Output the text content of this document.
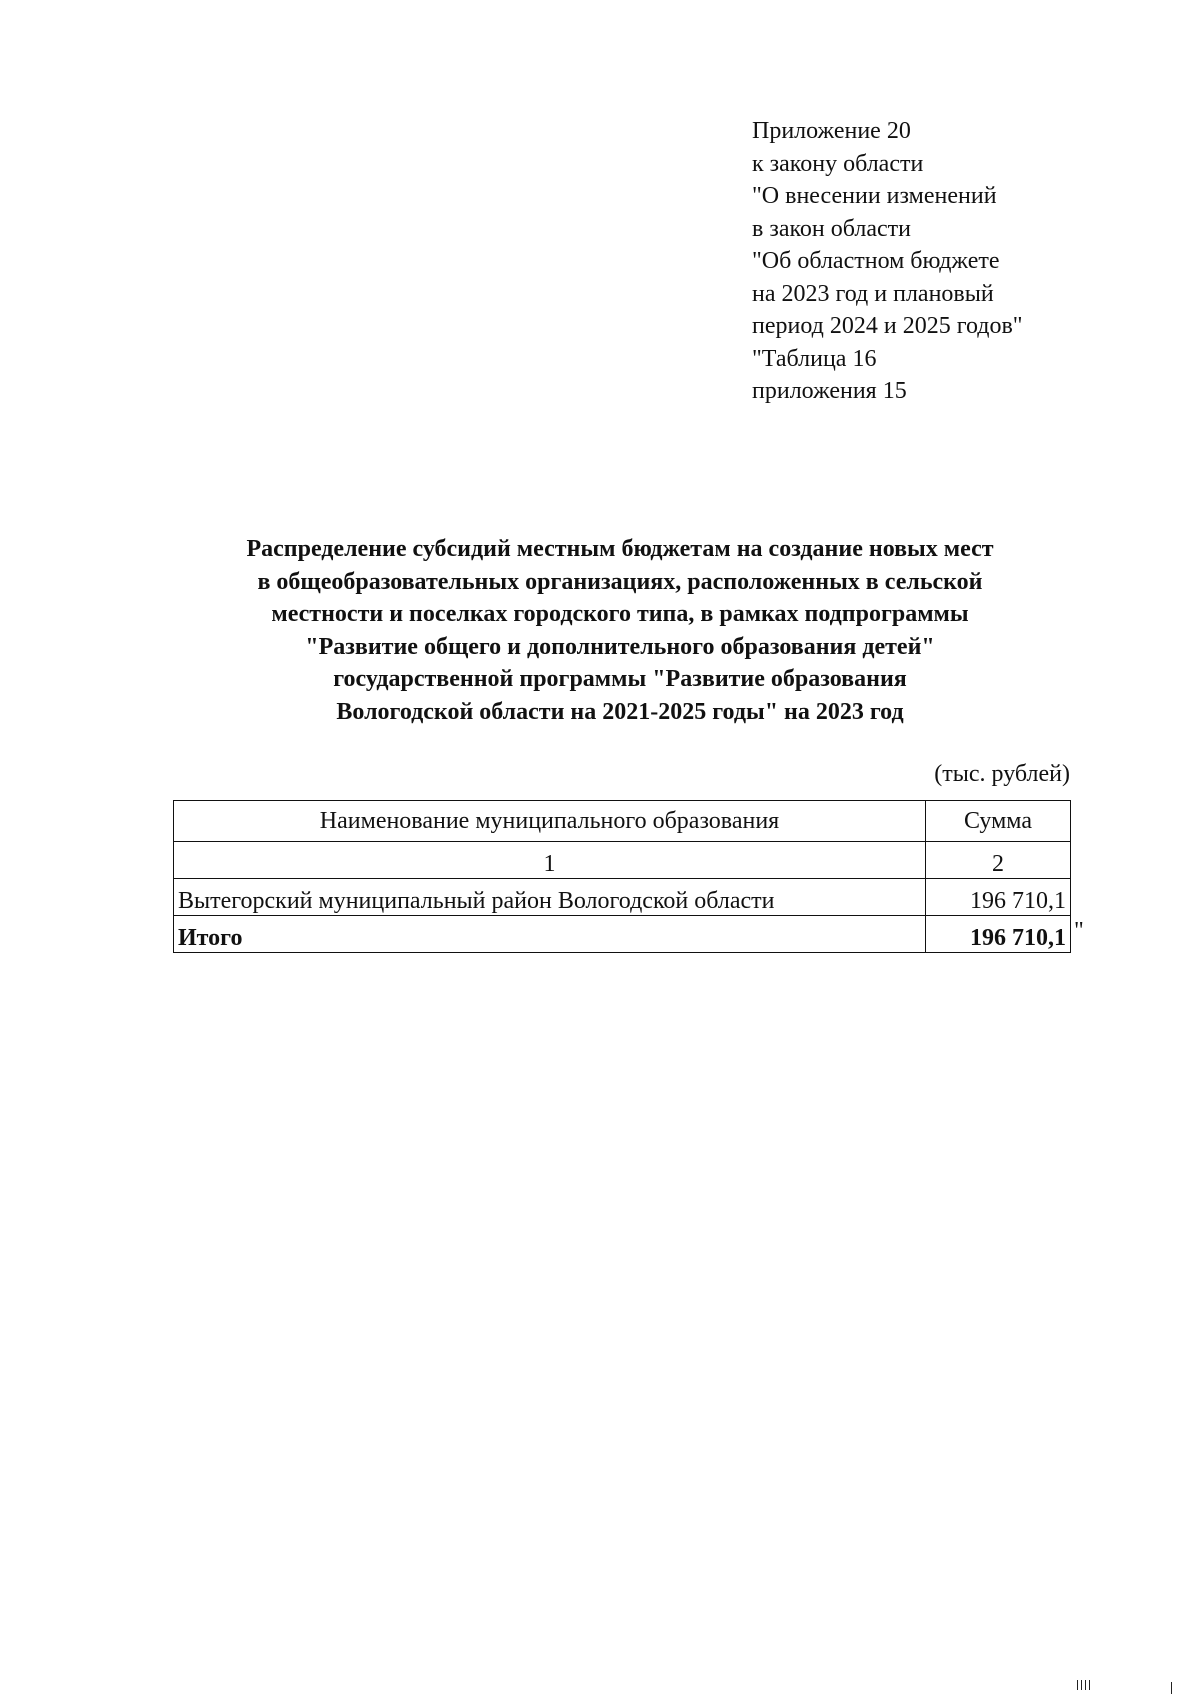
Приложение 20
к закону области
"О внесении изменений
в закон области
"Об областном бюджете
на 2023 год и плановый
период 2024 и 2025 годов"
"Таблица 16
приложения 15
Распределение субсидий местным бюджетам на создание новых мест
в общеобразовательных организациях, расположенных в сельской
местности и поселках городского типа, в рамках подпрограммы
"Развитие общего и дополнительного образования детей"
государственной программы "Развитие образования
Вологодской области на 2021-2025 годы" на 2023 год
(тыс. рублей)
Наименование муниципального образования	Сумма
1	2
Вытегорский муниципальный район Вологодской области	196 710,1
Итого	196 710,1 "
